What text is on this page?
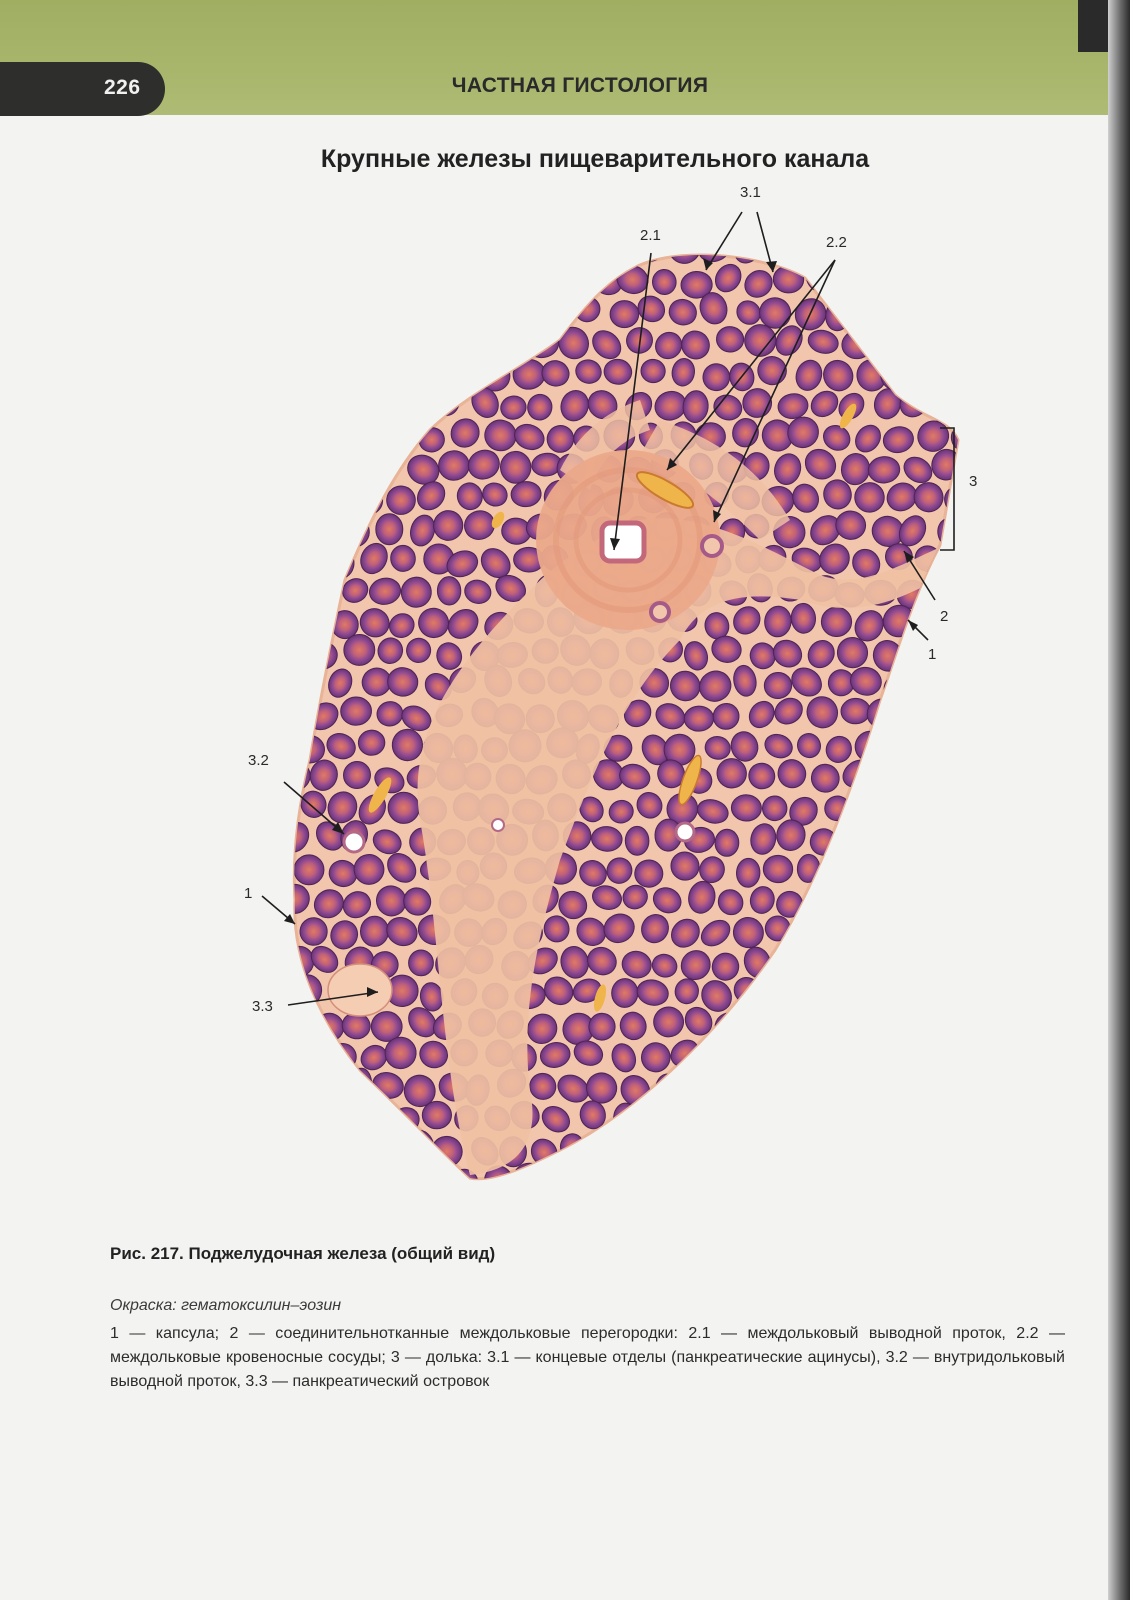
226	ЧАСТНАЯ ГИСТОЛОГИЯ
Крупные железы пищеварительного канала
3.1
2.1	2.2
3
2
1
3.2
1
3.3
Рис. 217. Поджелудочная железа (общий вид)
Окраска: гематоксилин–эозин
1 — капсула; 2 — соединительнотканные междольковые перегородки: 2.1 — междольковый выводной проток, 2.2 — междольковые кровеносные сосуды; 3 — долька: 3.1 — концевые отделы (панкреатические ацинусы), 3.2 — внутридольковый выводной проток, 3.3 — панкреатический островок
